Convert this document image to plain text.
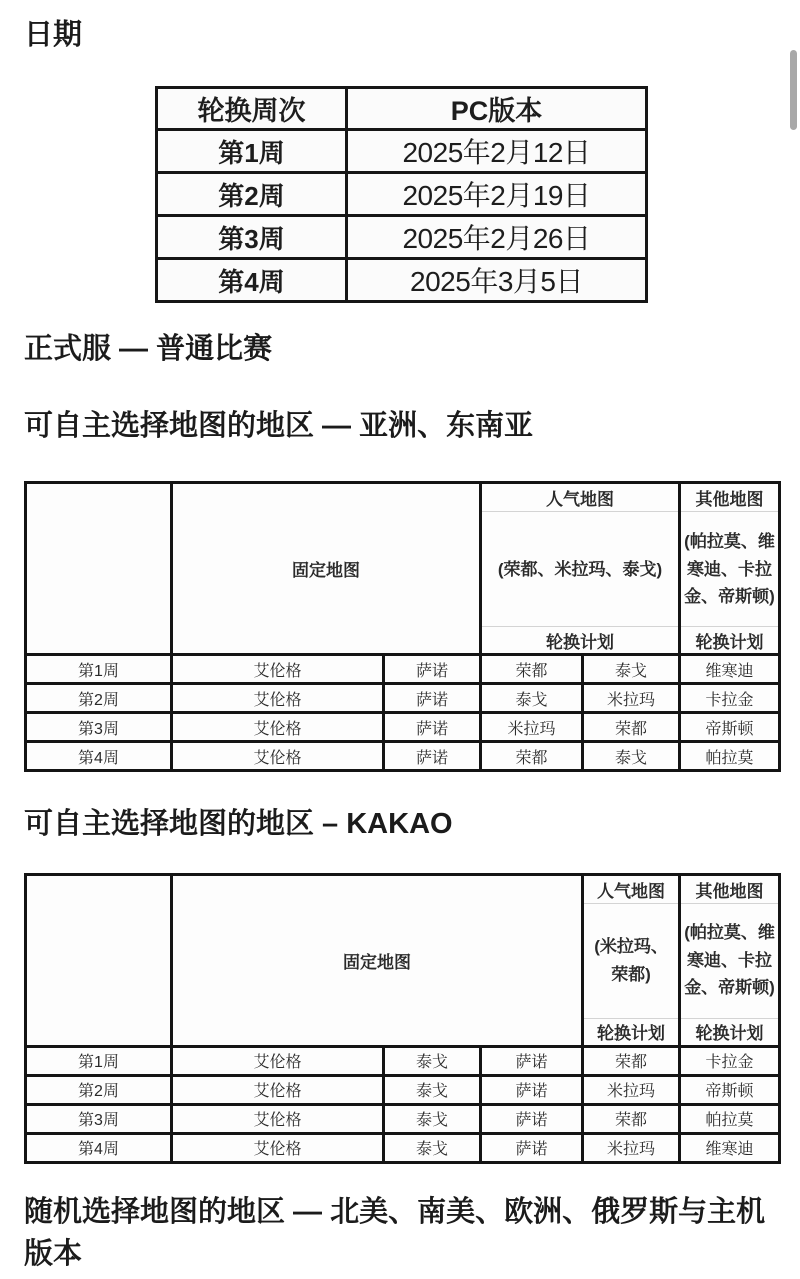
日期
轮换周次	PC版本
第1周	2025年2月12日
第2周	2025年2月19日
第3周	2025年2月26日
第4周	2025年3月5日
正式服 — 普通比赛
可自主选择地图的地区 — 亚洲、东南亚
	固定地图		人气地图		其他地图
			(荣都、米拉玛、泰戈)		(帕拉莫、维寒迪、卡拉金、帝斯顿)
			轮换计划		轮换计划
第1周	艾伦格	萨诺	荣都	泰戈	维寒迪
第2周	艾伦格	萨诺	泰戈	米拉玛	卡拉金
第3周	艾伦格	萨诺	米拉玛	荣都	帝斯顿
第4周	艾伦格	萨诺	荣都	泰戈	帕拉莫
可自主选择地图的地区 – KAKAO
	固定地图			人气地图	其他地图
				(米拉玛、荣都)	(帕拉莫、维寒迪、卡拉金、帝斯顿)
				轮换计划	轮换计划
第1周	艾伦格	泰戈	萨诺	荣都	卡拉金
第2周	艾伦格	泰戈	萨诺	米拉玛	帝斯顿
第3周	艾伦格	泰戈	萨诺	荣都	帕拉莫
第4周	艾伦格	泰戈	萨诺	米拉玛	维寒迪
随机选择地图的地区 — 北美、南美、欧洲、俄罗斯与主机版本
